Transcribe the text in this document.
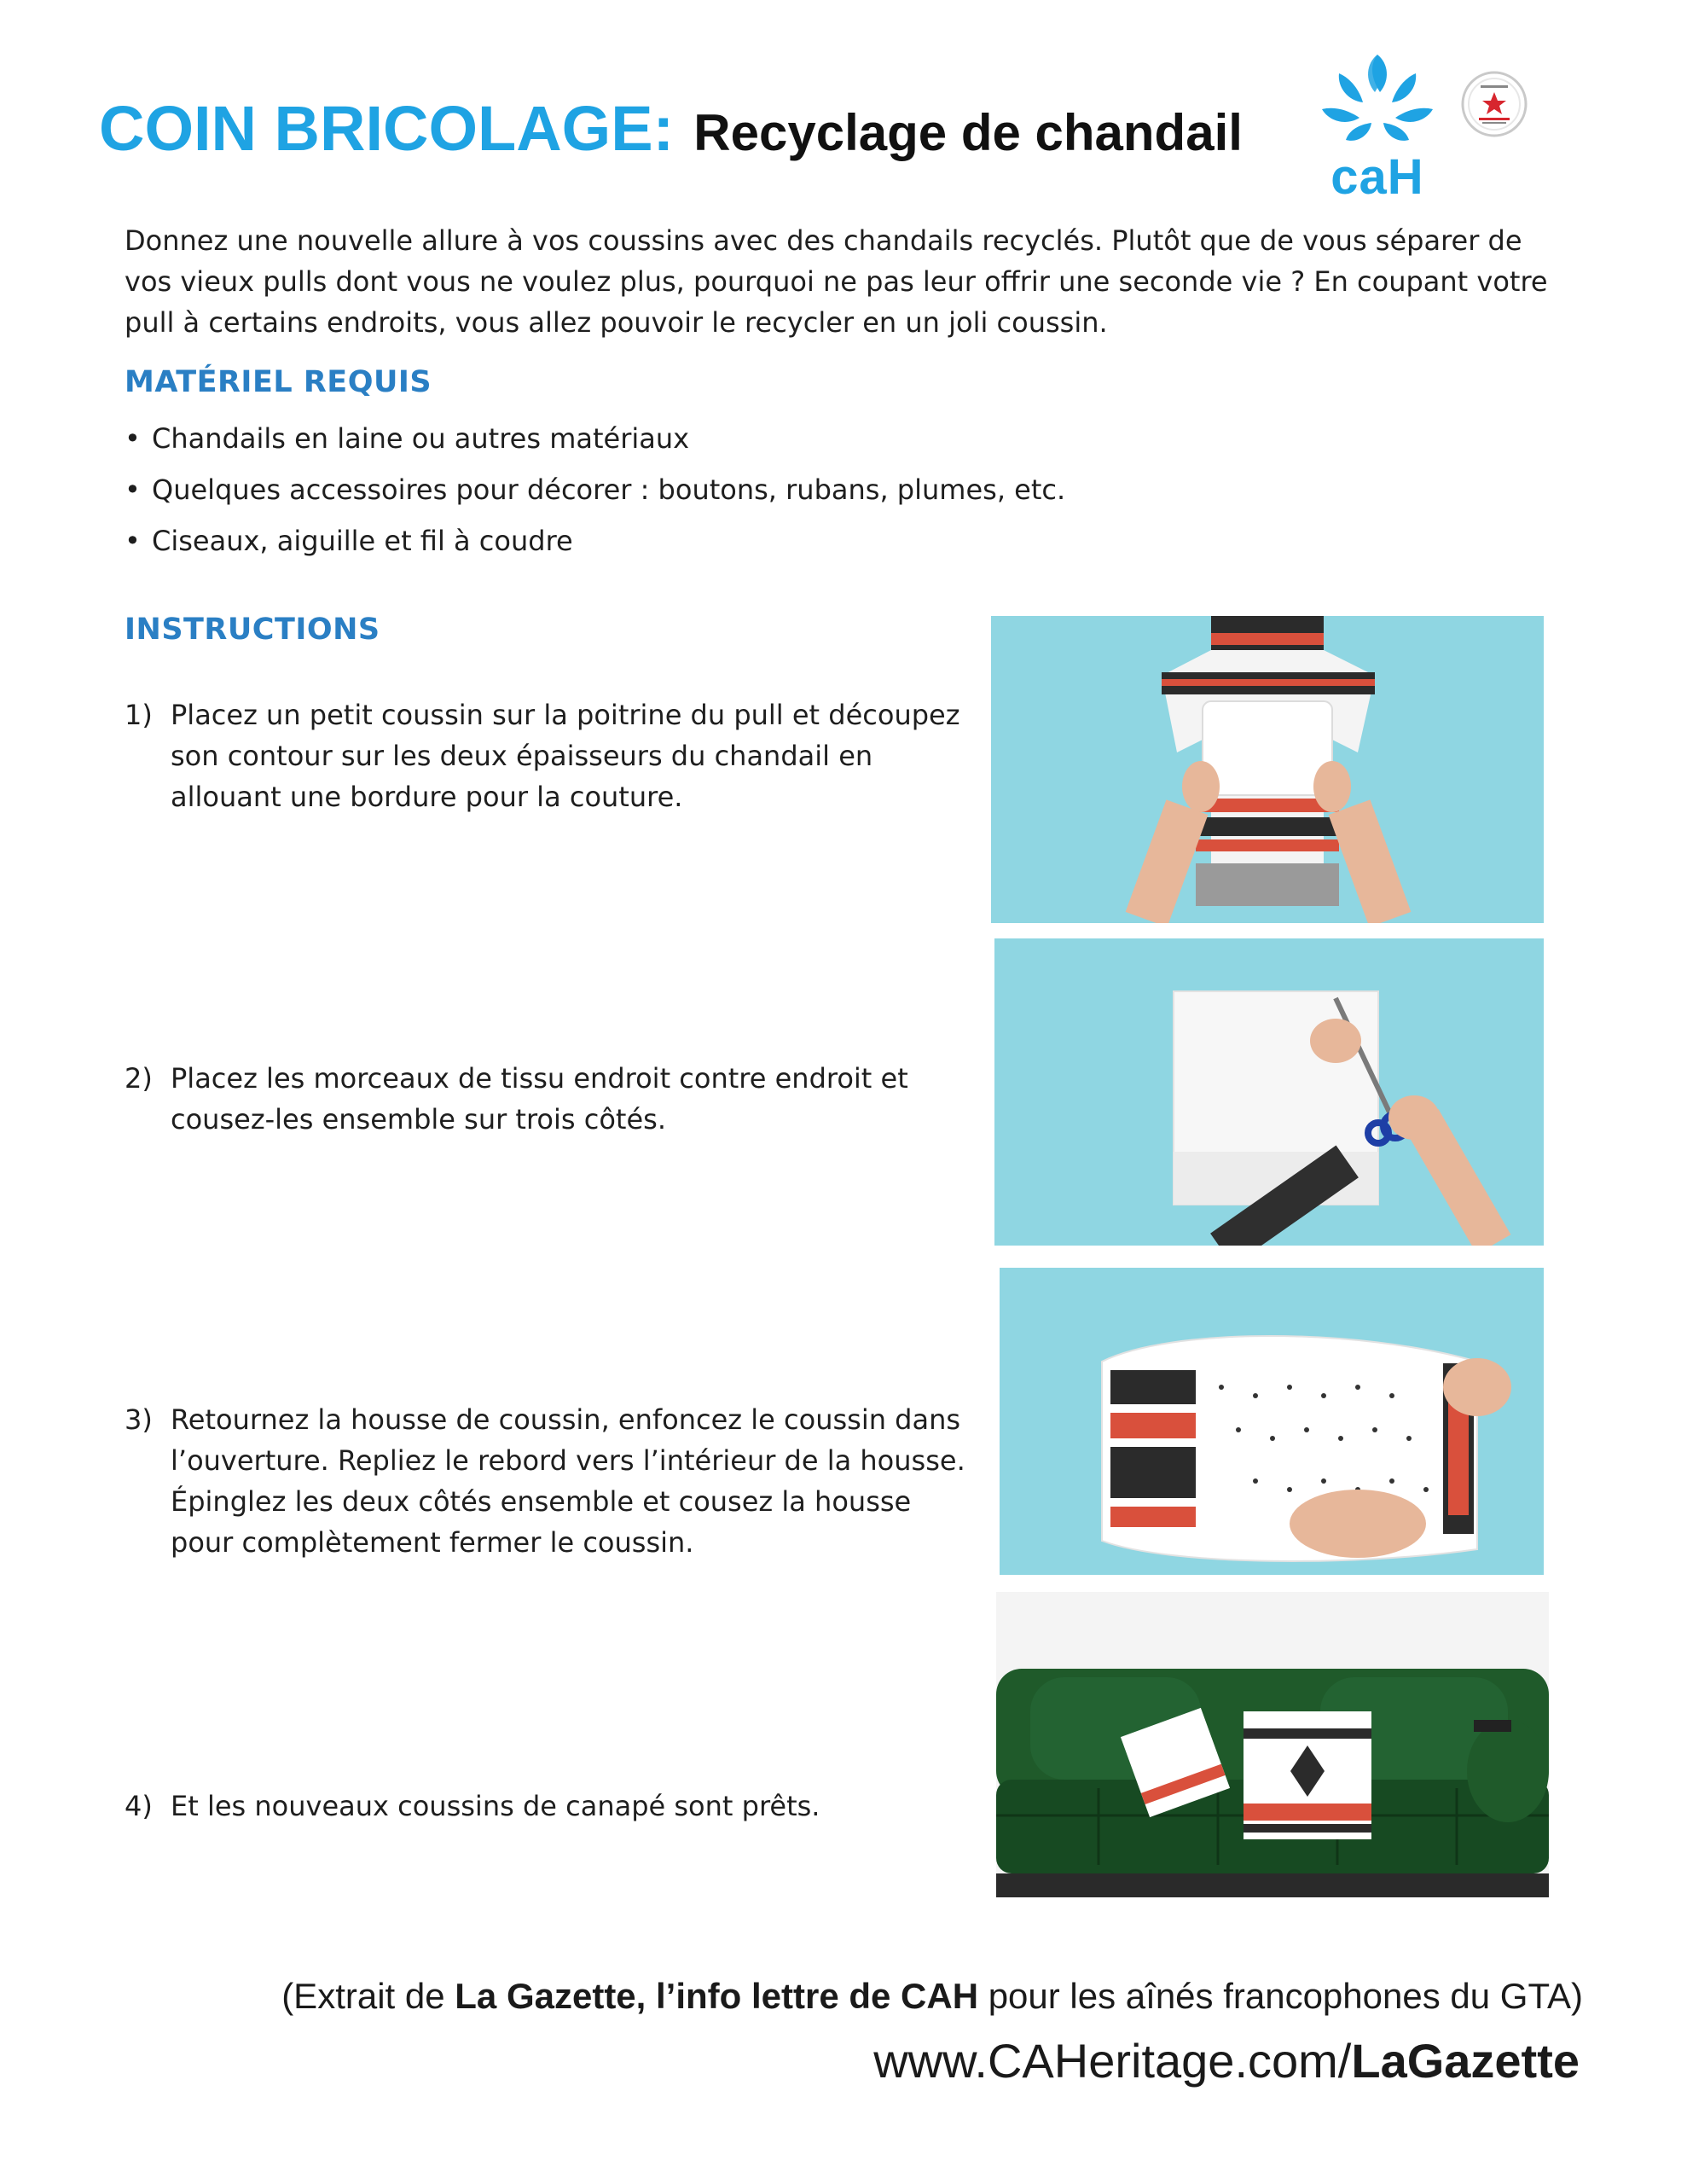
COIN BRICOLAGE: Recyclage de chandail
caH
Donnez une nouvelle allure à vos coussins avec des chandails recyclés. Plutôt que de vous séparer de vos vieux pulls dont vous ne voulez plus, pourquoi ne pas leur offrir une seconde vie ? En coupant votre pull à certains endroits, vous allez pouvoir le recycler en un joli coussin.
MATÉRIEL REQUIS
• Chandails en laine ou autres matériaux
• Quelques accessoires pour décorer : boutons, rubans, plumes, etc.
• Ciseaux, aiguille et fil à coudre
INSTRUCTIONS
1) Placez un petit coussin sur la poitrine du pull et découpez son contour sur les deux épaisseurs du chandail en allouant une bordure pour la couture.
2) Placez les morceaux de tissu endroit contre endroit et cousez-les ensemble sur trois côtés.
3) Retournez la housse de coussin, enfoncez le coussin dans l’ouverture. Repliez le rebord vers l’intérieur de la housse. Épinglez les deux côtés ensemble et cousez la housse pour complètement fermer le coussin.
4) Et les nouveaux coussins de canapé sont prêts.
(Extrait de La Gazette, l’info lettre de CAH pour les aînés francophones du GTA)
www.CAHeritage.com/LaGazette
